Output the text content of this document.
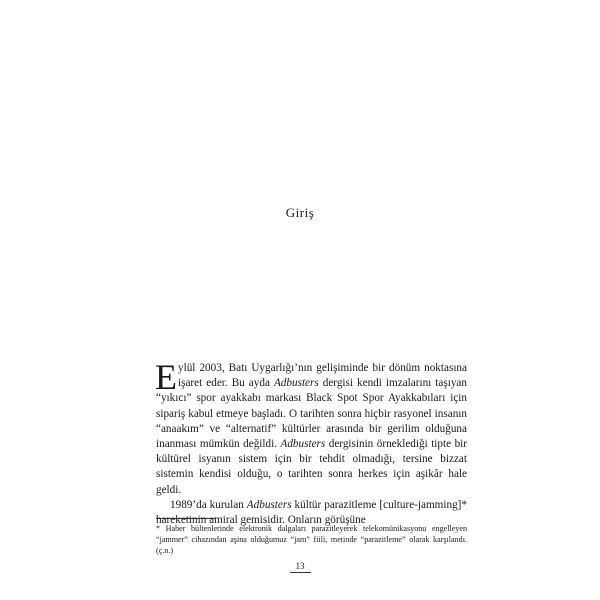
Giriş

Eylül 2003, Batı Uygarlığı’nın gelişiminde bir dönüm noktasına işaret eder. Bu ayda Adbusters dergisi kendi imzalarını taşıyan “yıkıcı” spor ayakkabı markası Black Spot Spor Ayakkabıları için sipariş kabul etmeye başladı. O tarihten sonra hiçbir rasyonel insanın “anaakım” ve “alternatif” kültürler arasında bir gerilim olduğuna inanması mümkün değildi. Adbusters dergisinin örneklediği tipte bir kültürel isyanın sistem için bir tehdit olmadığı, tersine bizzat sistemin kendisi olduğu, o tarihten sonra herkes için aşikâr hale geldi.

1989’da kurulan Adbusters kültür parazitleme [culture-jamming]* hareketinin amiral gemisidir. Onların görüşüne

* Haber bültenlerinde elektronik dalgaları parazitleyerek telekomünikasyonu engelleyen “jammer” cihazından aşina olduğumuz “jam” fiili, metinde “parazitleme” olarak karşılandı. (ç.n.)

13
